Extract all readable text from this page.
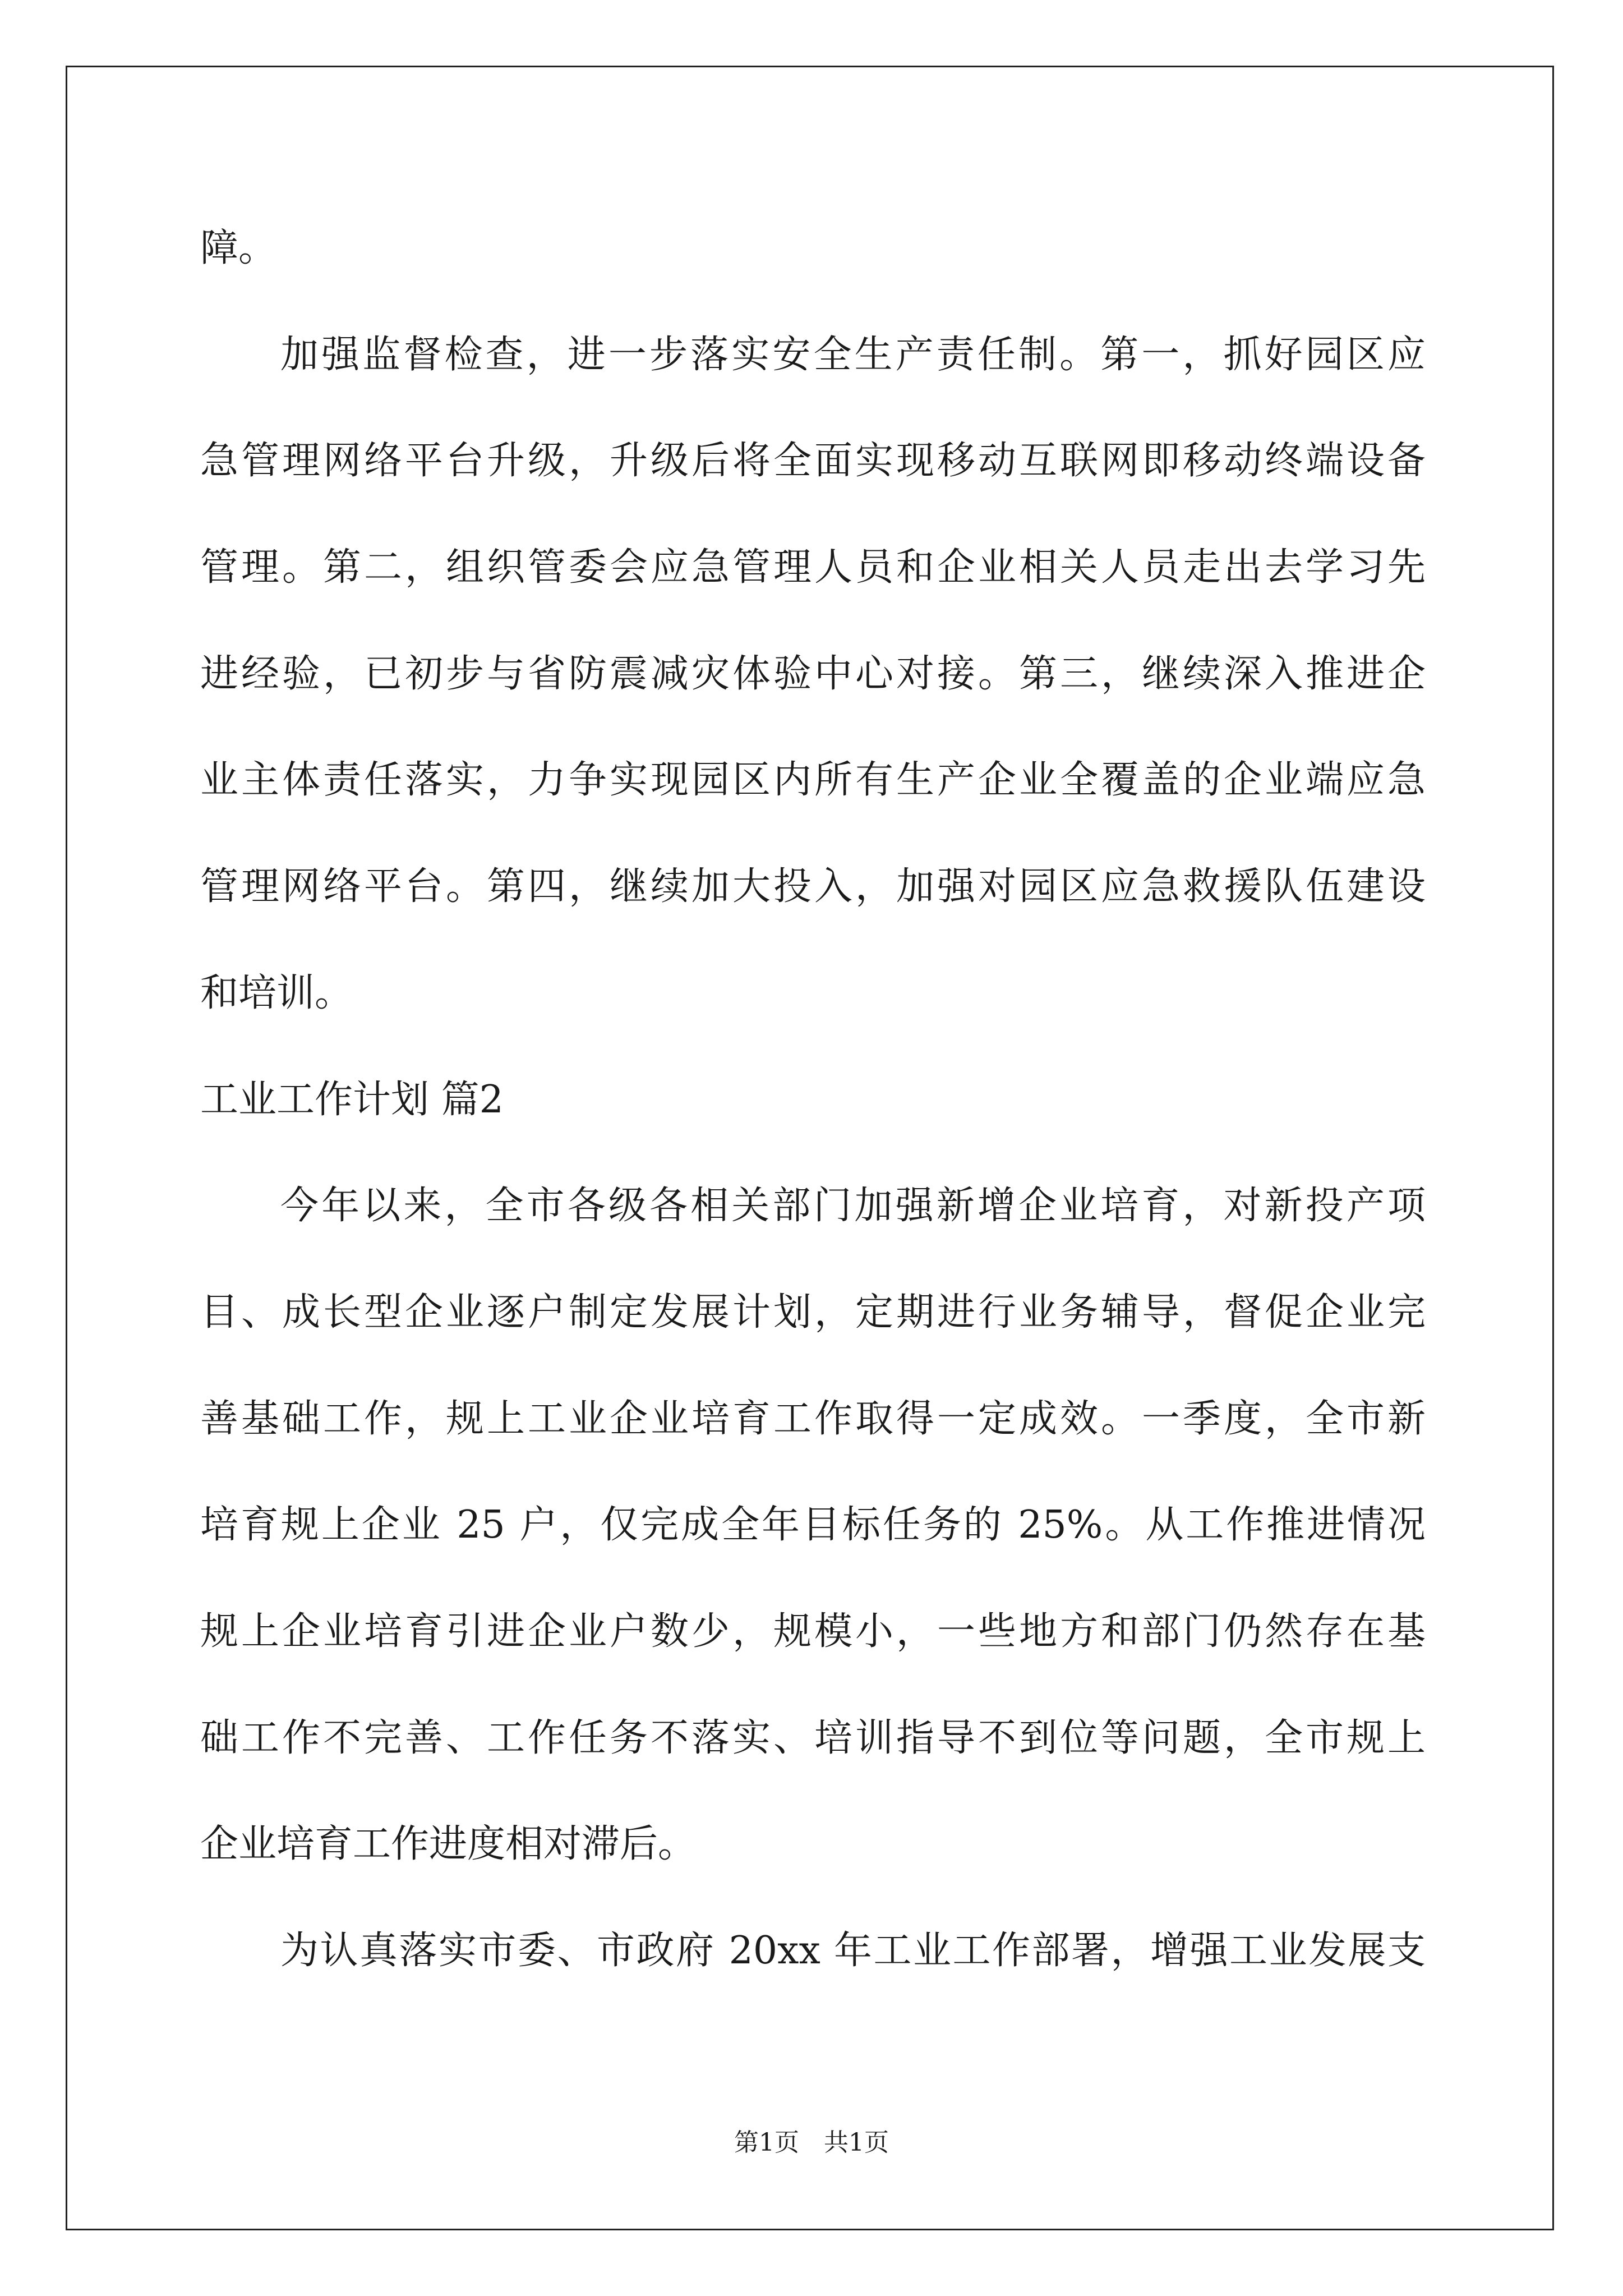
障。
加强监督检查，进一步落实安全生产责任制。第一，抓好园区应
急管理网络平台升级，升级后将全面实现移动互联网即移动终端设备
管理。第二，组织管委会应急管理人员和企业相关人员走出去学习先
进经验，已初步与省防震减灾体验中心对接。第三，继续深入推进企
业主体责任落实，力争实现园区内所有生产企业全覆盖的企业端应急
管理网络平台。第四，继续加大投入，加强对园区应急救援队伍建设
和培训。
工业工作计划 篇2
今年以来，全市各级各相关部门加强新增企业培育，对新投产项
目、成长型企业逐户制定发展计划，定期进行业务辅导，督促企业完
善基础工作，规上工业企业培育工作取得一定成效。一季度，全市新
培育规上企业 25 户，仅完成全年目标任务的 25%。从工作推进情况
规上企业培育引进企业户数少，规模小，一些地方和部门仍然存在基
础工作不完善、工作任务不落实、培训指导不到位等问题，全市规上
企业培育工作进度相对滞后。
为认真落实市委、市政府 20xx 年工业工作部署，增强工业发展支
第1页 共1页
